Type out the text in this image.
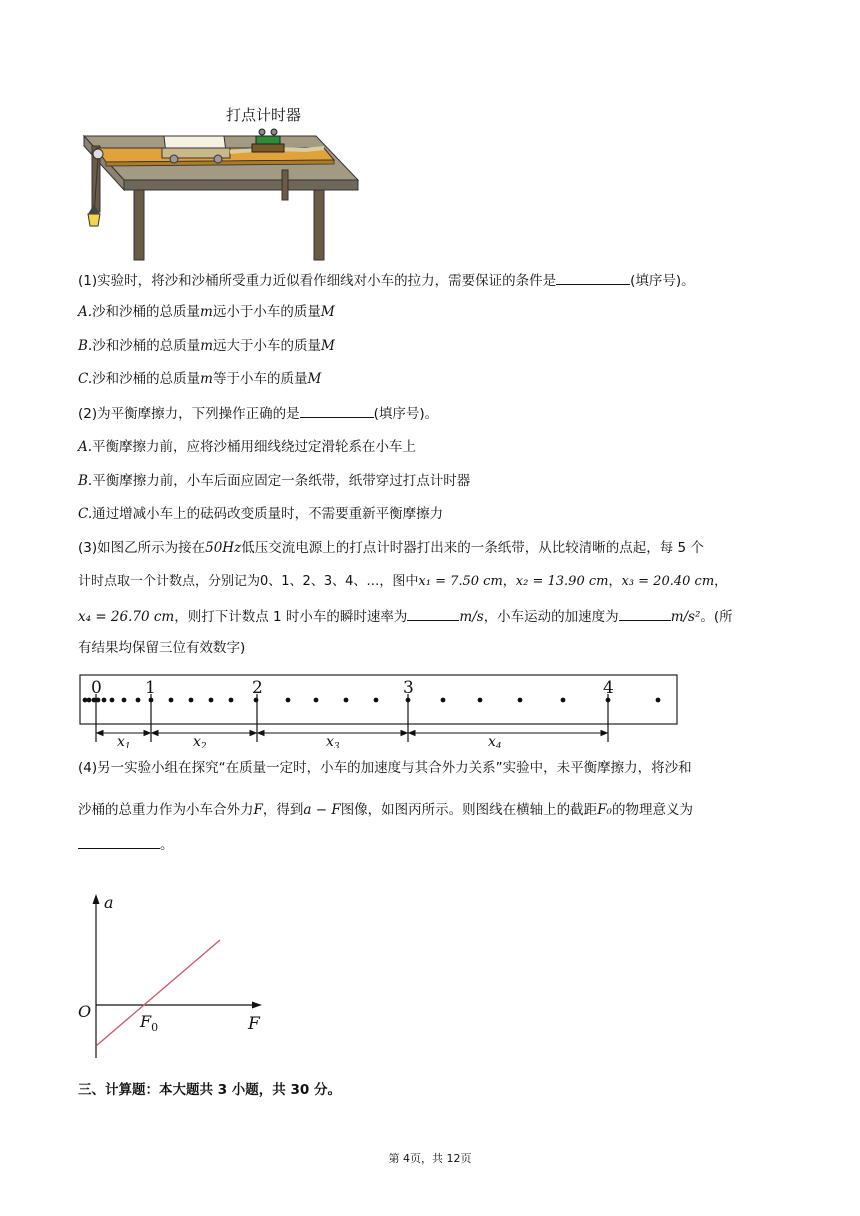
打点计时器
(1)实验时，将沙和沙桶所受重力近似看作细线对小车的拉力，需要保证的条件是	(填序号)。
A.沙和沙桶的总质量m远小于小车的质量M
B.沙和沙桶的总质量m远大于小车的质量M
C.沙和沙桶的总质量m等于小车的质量M
(2)为平衡摩擦力，下列操作正确的是	(填序号)。
A.平衡摩擦力前，应将沙桶用细线绕过定滑轮系在小车上
B.平衡摩擦力前，小车后面应固定一条纸带，纸带穿过打点计时器
C.通过增减小车上的砝码改变质量时，不需要重新平衡摩擦力
(3)如图乙所示为接在50Hz低压交流电源上的打点计时器打出来的一条纸带，从比较清晰的点起，每 5 个
计时点取一个计数点，分别记为0、1、2、3、4、…，图中x₁ = 7.50 cm，x₂ = 13.90 cm，x₃ = 20.40 cm，
x₄ = 26.70 cm，则打下计数点 1 时小车的瞬时速率为	m/s，小车运动的加速度为	m/s²。(所
有结果均保留三位有效数字)
0	1	2	3	4
$x_1$	$x_2$	$x_3$	$x_4$
(4)另一实验小组在探究“在质量一定时，小车的加速度与其合外力关系”实验中，未平衡摩擦力，将沙和
沙桶的总重力作为小车合外力F，得到a − F图像，如图丙所示。则图线在横轴上的截距F₀的物理意义为
。
a
O
F
$F_0$
三、计算题：本大题共 3 小题，共 30 分。
第 4页，共 12页
